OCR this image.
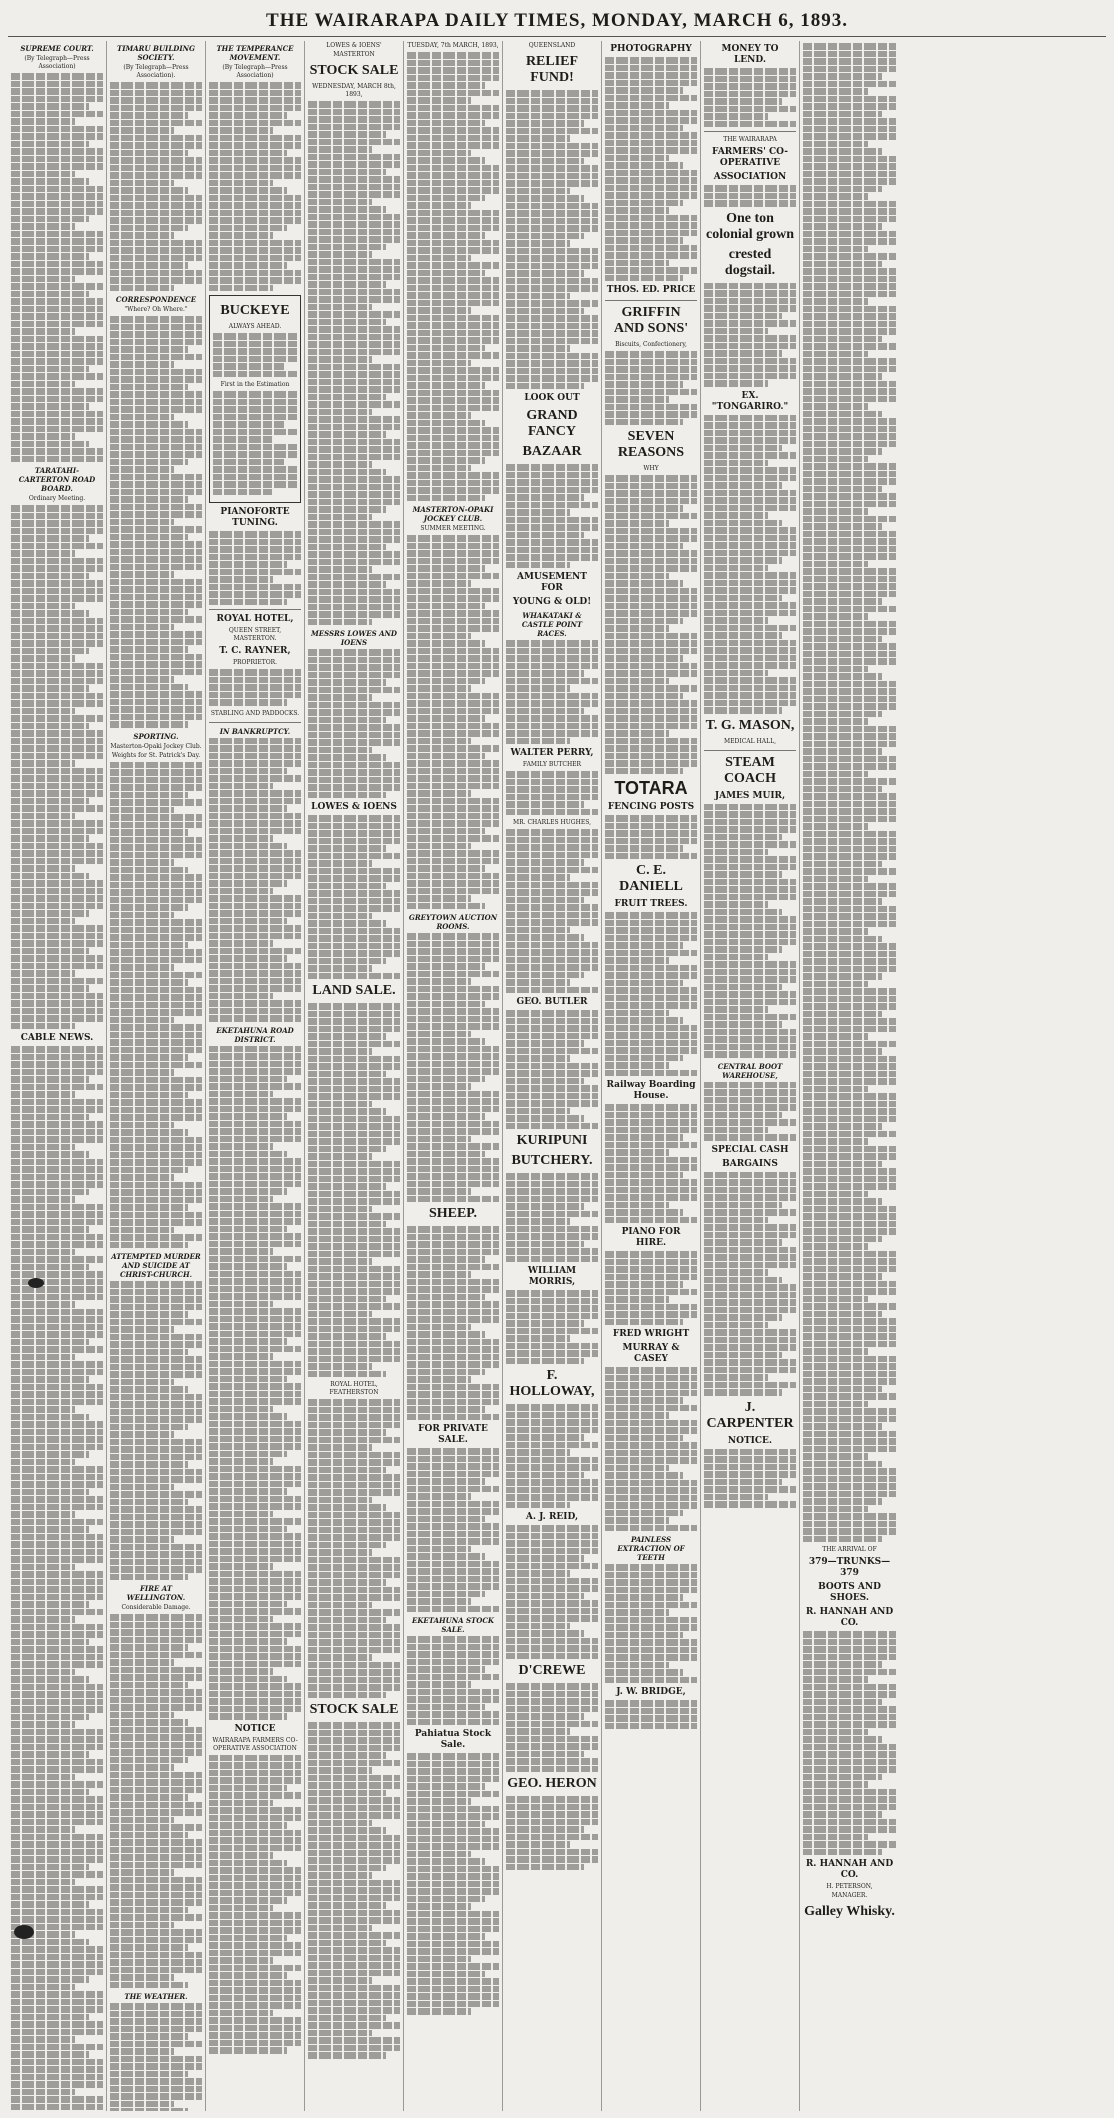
THE WAIRARAPA DAILY TIMES, MONDAY, MARCH 6, 1893.
SUPREME COURT.
(By Telegraph—Press Association)
TARATAHI-CARTERTON ROAD BOARD.
Ordinary Meeting.
CABLE NEWS.
TIMARU BUILDING SOCIETY.
(By Telegraph—Press Association).
CORRESPONDENCE
"Where? Oh Where."
SPORTING.
Masterton-Opaki Jockey Club.
Weights for St. Patrick's Day.
ATTEMPTED MURDER AND SUICIDE AT CHRIST-CHURCH.
FIRE AT WELLINGTON.
Considerable Damage.
THE WEATHER.
THE TEMPERANCE MOVEMENT.
(By Telegraph—Press Association)
BUCKEYE
ALWAYS AHEAD.
First in the Estimation
PIANOFORTE TUNING.
ROYAL HOTEL,
QUEEN STREET, MASTERTON.
T. C. RAYNER,
PROPRIETOR.
STABLING AND PADDOCKS.
IN BANKRUPTCY.
EKETAHUNA ROAD DISTRICT.
NOTICE
WAIRARAPA FARMERS CO-OPERATIVE ASSOCIATION
LOWES & IOENS'
MASTERTON
STOCK SALE
WEDNESDAY, MARCH 8th, 1893,
MESSRS LOWES AND IOENS
LOWES & IOENS
LAND SALE.
ROYAL HOTEL, FEATHERSTON
STOCK SALE
TUESDAY, 7th MARCH, 1893,
MASTERTON-OPAKI JOCKEY CLUB.
SUMMER MEETING.
GREYTOWN AUCTION ROOMS.
SHEEP.
FOR PRIVATE SALE.
EKETAHUNA STOCK SALE.
Pahiatua Stock Sale.
QUEENSLAND
RELIEF FUND!
LOOK OUT
GRAND FANCY
BAZAAR
AMUSEMENT FOR
YOUNG & OLD!
WHAKATAKI & CASTLE POINT RACES.
WALTER PERRY,
FAMILY BUTCHER
MR. CHARLES HUGHES,
GEO. BUTLER
KURIPUNI
BUTCHERY.
WILLIAM MORRIS,
F. HOLLOWAY,
A. J. REID,
D'CREWE
GEO. HERON
PHOTOGRAPHY
THOS. ED. PRICE
GRIFFIN AND SONS'
Biscuits, Confectionery,
SEVEN REASONS
WHY
TOTARA
FENCING POSTS
C. E. DANIELL
FRUIT TREES.
Railway Boarding House.
PIANO FOR HIRE.
FRED WRIGHT
MURRAY & CASEY
PAINLESS EXTRACTION OF TEETH
J. W. BRIDGE,
MONEY TO LEND.
THE WAIRARAPA
FARMERS' CO-OPERATIVE
ASSOCIATION
One ton colonial grown
crested dogstail.
EX. "TONGARIRO."
T. G. MASON,
MEDICAL HALL,
STEAM COACH
JAMES MUIR,
CENTRAL BOOT WAREHOUSE,
SPECIAL CASH
BARGAINS
J. CARPENTER
NOTICE.
THE ARRIVAL OF
379—TRUNKS—379
BOOTS AND SHOES.
R. HANNAH AND CO.
R. HANNAH AND CO.
H. PETERSON,
MANAGER.
Galley Whisky.
